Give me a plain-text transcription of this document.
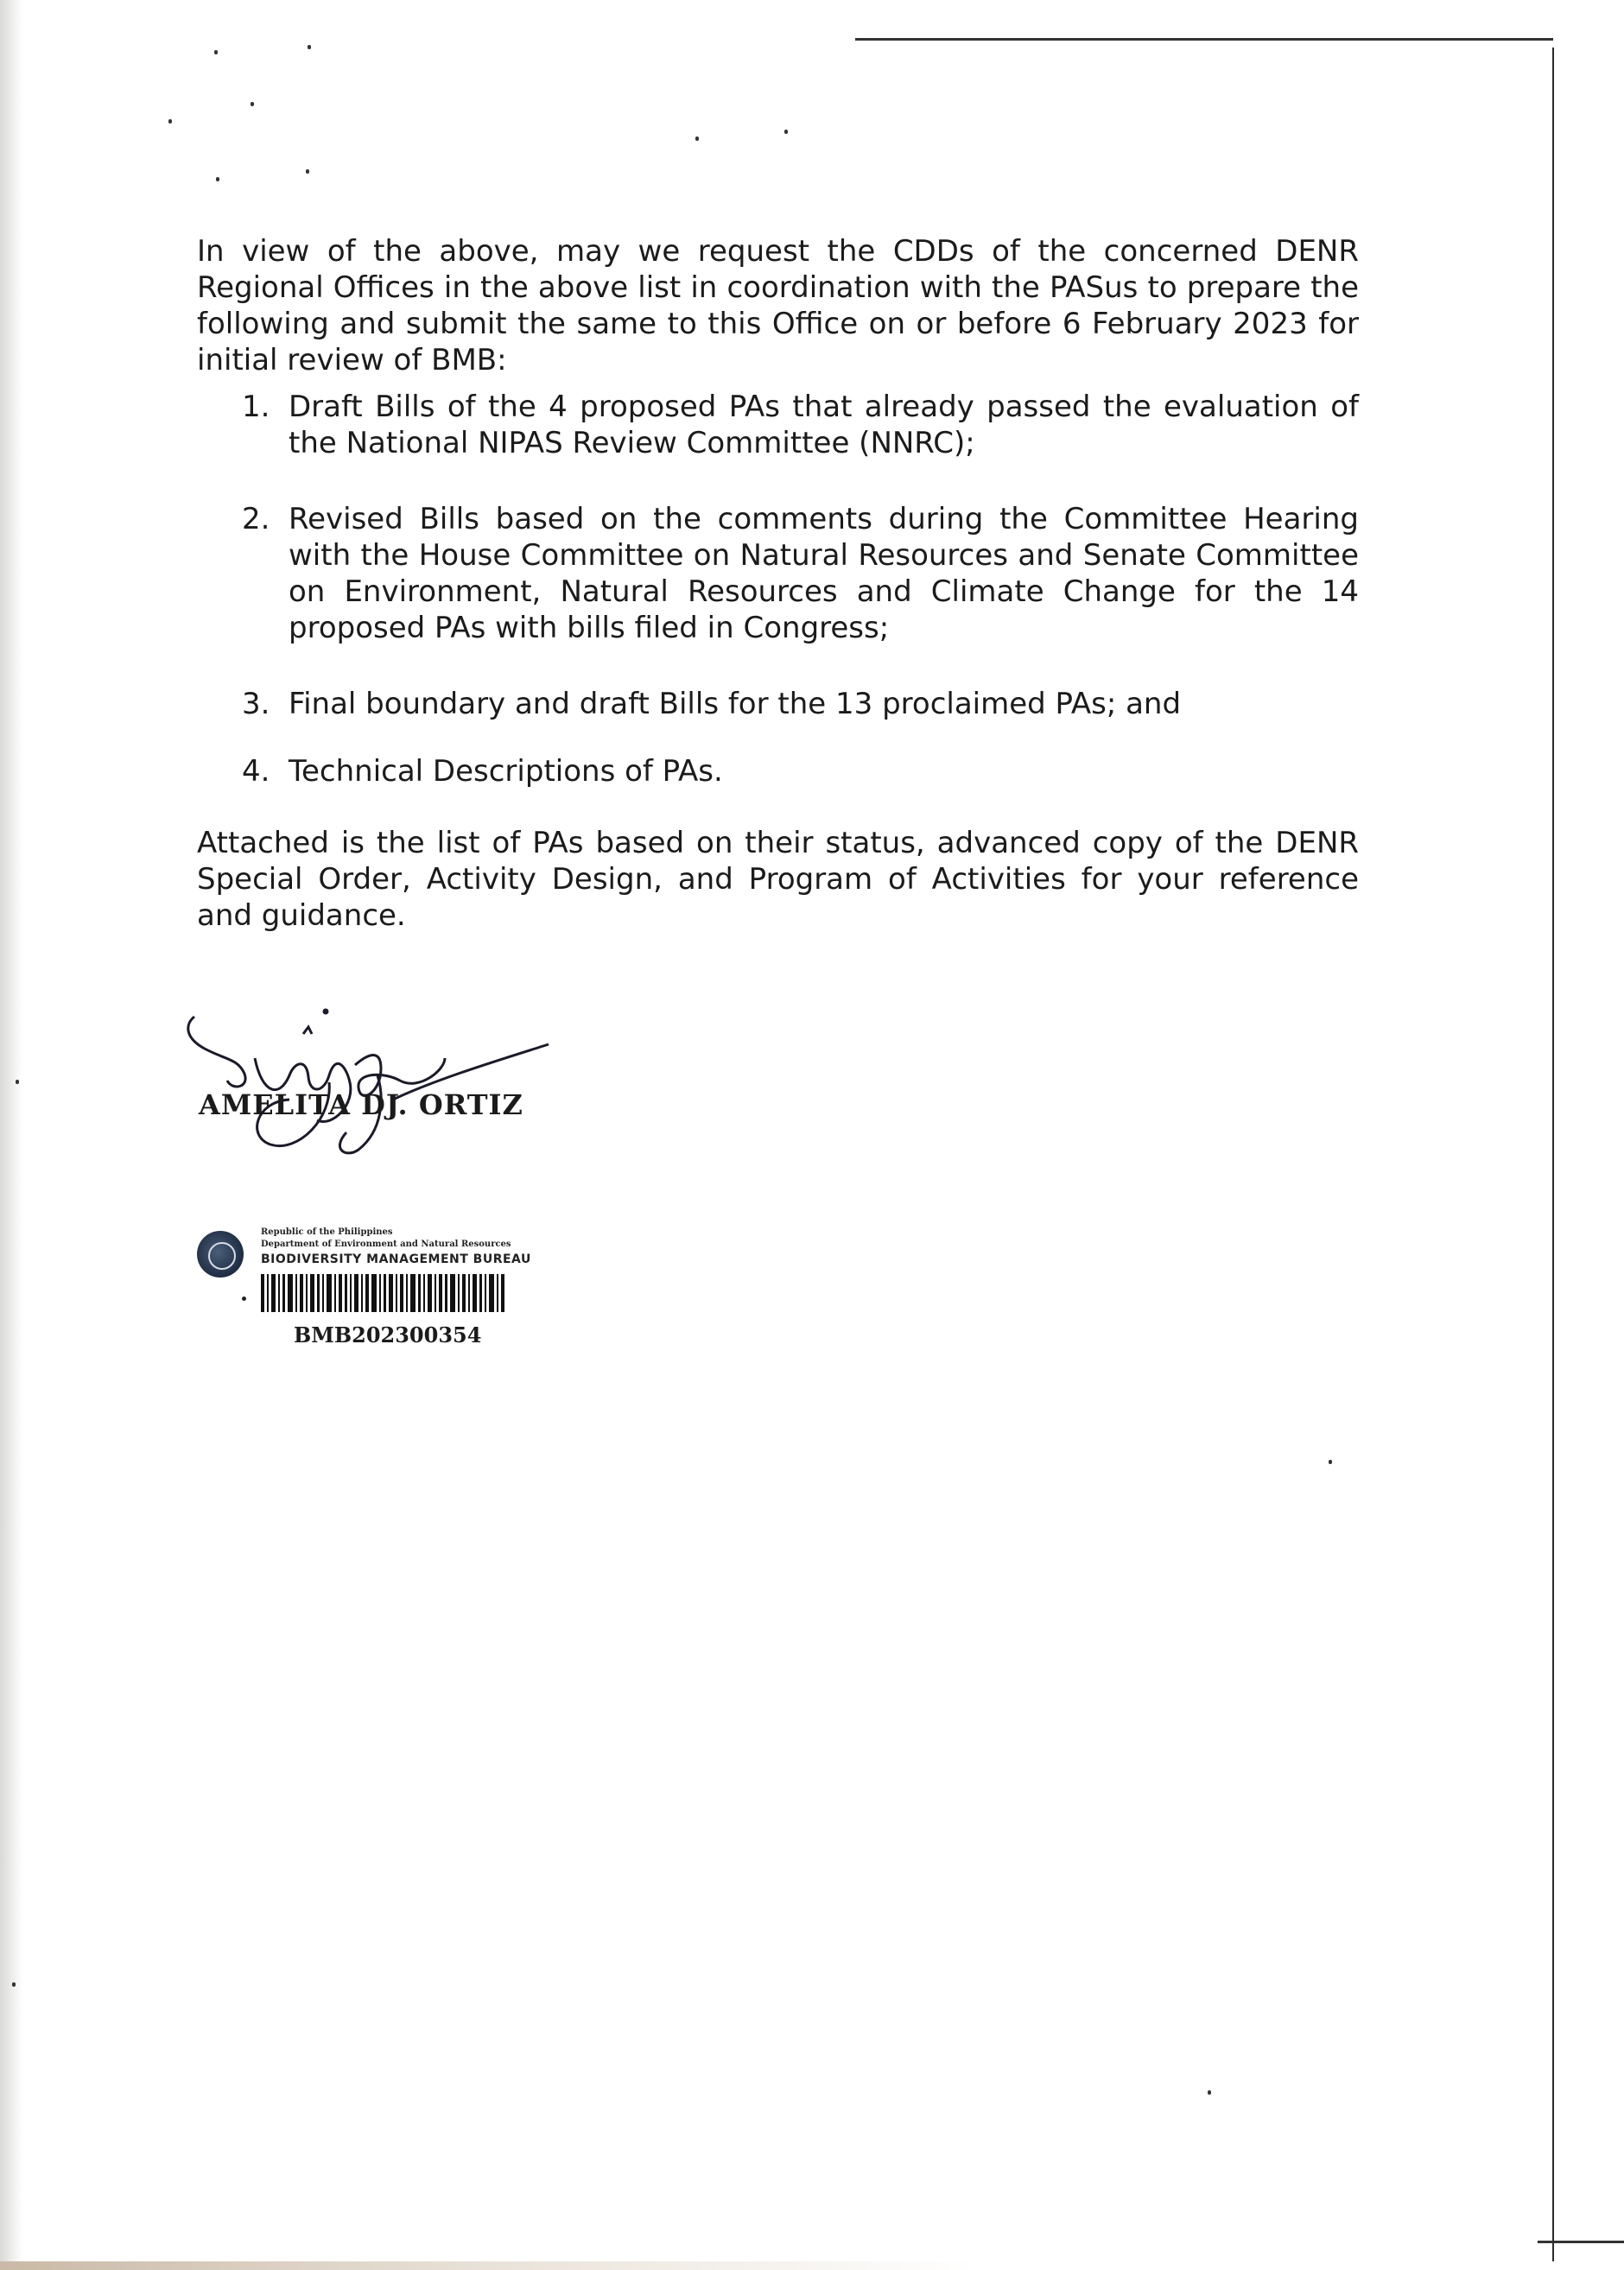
In view of the above, may we request the CDDs of the concerned DENR Regional Offices in the above list in coordination with the PASus to prepare the following and submit the same to this Office on or before 6 February 2023 for initial review of BMB:

1. Draft Bills of the 4 proposed PAs that already passed the evaluation of the National NIPAS Review Committee (NNRC);
2. Revised Bills based on the comments during the Committee Hearing with the House Committee on Natural Resources and Senate Committee on Environment, Natural Resources and Climate Change for the 14 proposed PAs with bills filed in Congress;
3. Final boundary and draft Bills for the 13 proclaimed PAs; and
4. Technical Descriptions of PAs.

Attached is the list of PAs based on their status, advanced copy of the DENR Special Order, Activity Design, and Program of Activities for your reference and guidance.

AMELITA DJ. ORTIZ
Republic of the Philippines
Department of Environment and Natural Resources
BIODIVERSITY MANAGEMENT BUREAU
BMB202300354
